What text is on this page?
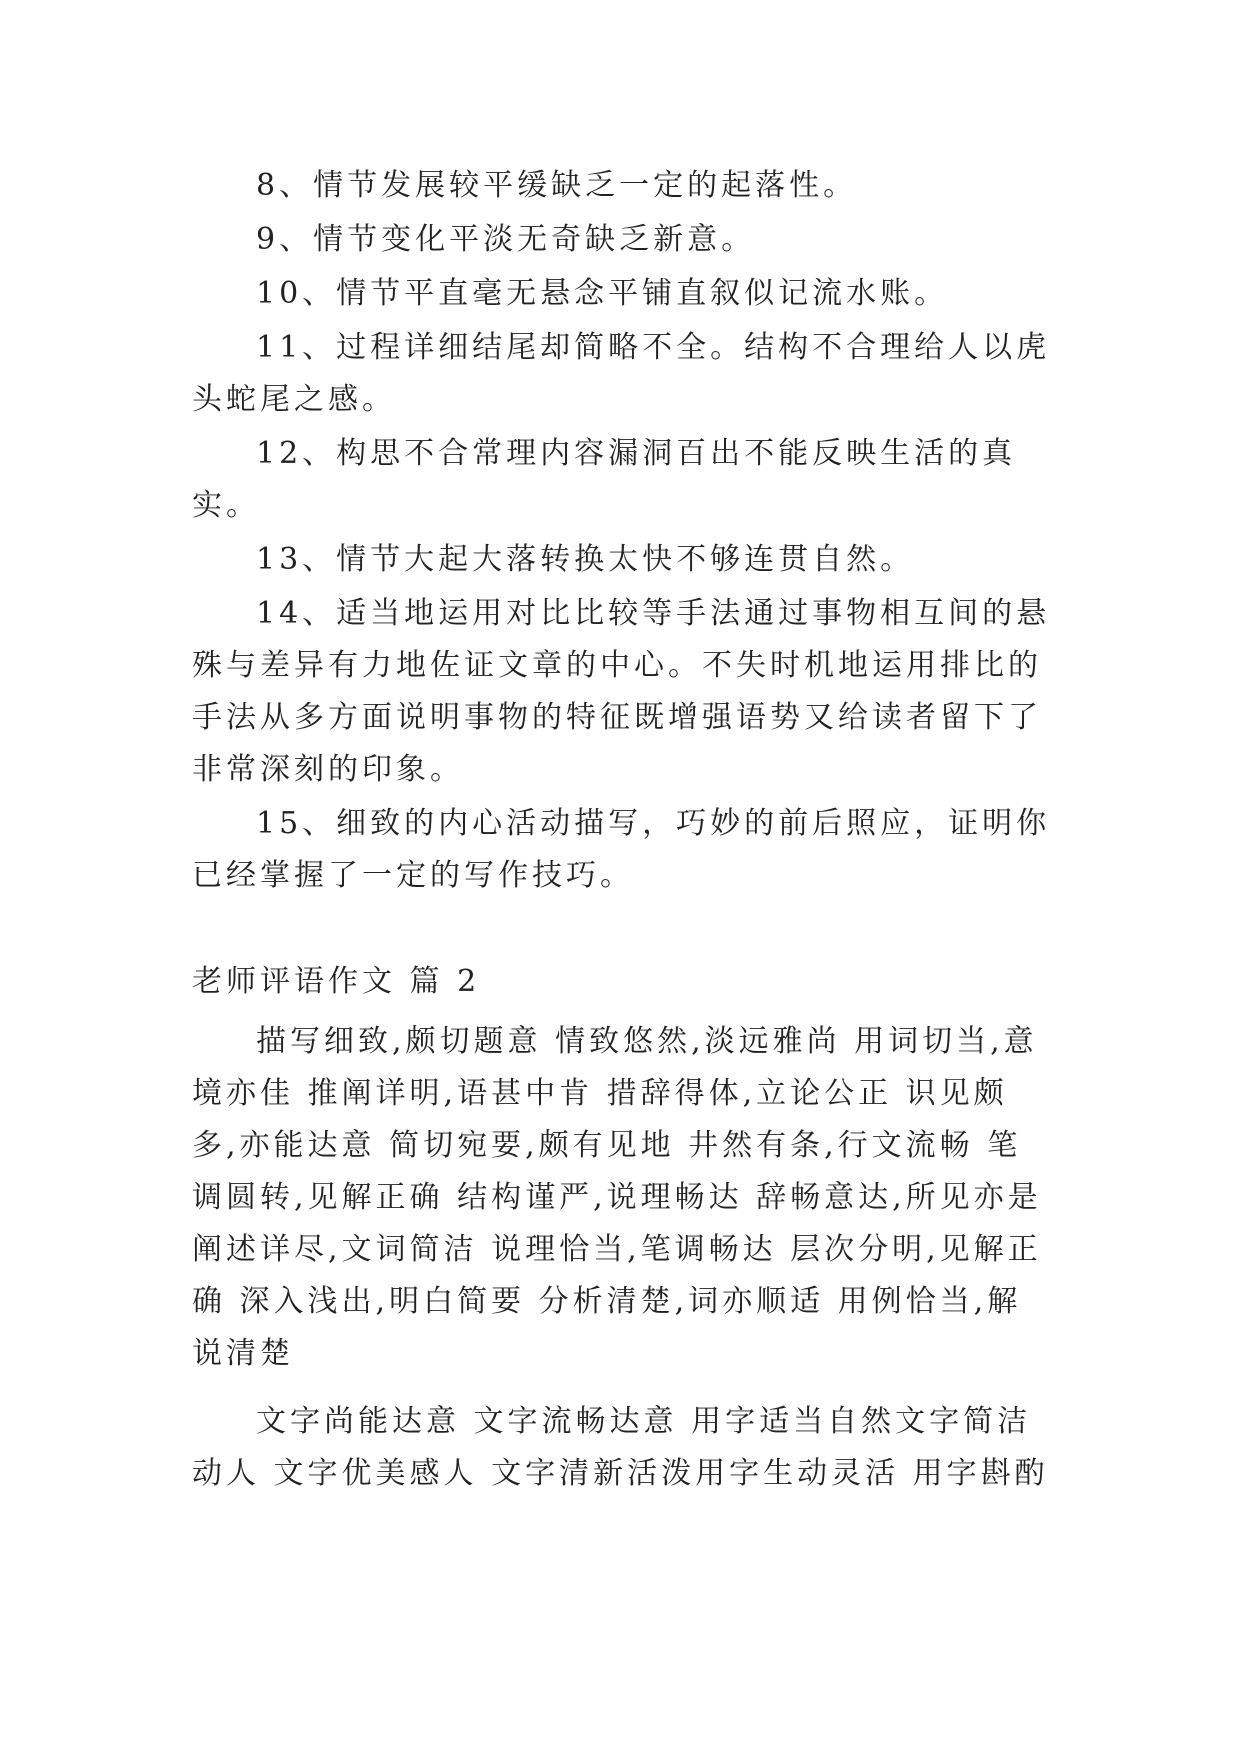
8、情节发展较平缓缺乏一定的起落性。

9、情节变化平淡无奇缺乏新意。

10、情节平直毫无悬念平铺直叙似记流水账。

11、过程详细结尾却简略不全。结构不合理给人以虎头蛇尾之感。

12、构思不合常理内容漏洞百出不能反映生活的真实。

13、情节大起大落转换太快不够连贯自然。

14、适当地运用对比比较等手法通过事物相互间的悬殊与差异有力地佐证文章的中心。不失时机地运用排比的手法从多方面说明事物的特征既增强语势又给读者留下了非常深刻的印象。

15、细致的内心活动描写，巧妙的前后照应，证明你已经掌握了一定的写作技巧。

老师评语作文 篇 2

描写细致,颇切题意 情致悠然,淡远雅尚 用词切当,意境亦佳 推阐详明,语甚中肯 措辞得体,立论公正 识见颇多,亦能达意 简切宛要,颇有见地 井然有条,行文流畅 笔调圆转,见解正确 结构谨严,说理畅达 辞畅意达,所见亦是 阐述详尽,文词简洁 说理恰当,笔调畅达 层次分明,见解正确 深入浅出,明白简要 分析清楚,词亦顺适 用例恰当,解说清楚

文字尚能达意 文字流畅达意 用字适当自然文字简洁动人 文字优美感人 文字清新活泼用字生动灵活 用字斟酌
